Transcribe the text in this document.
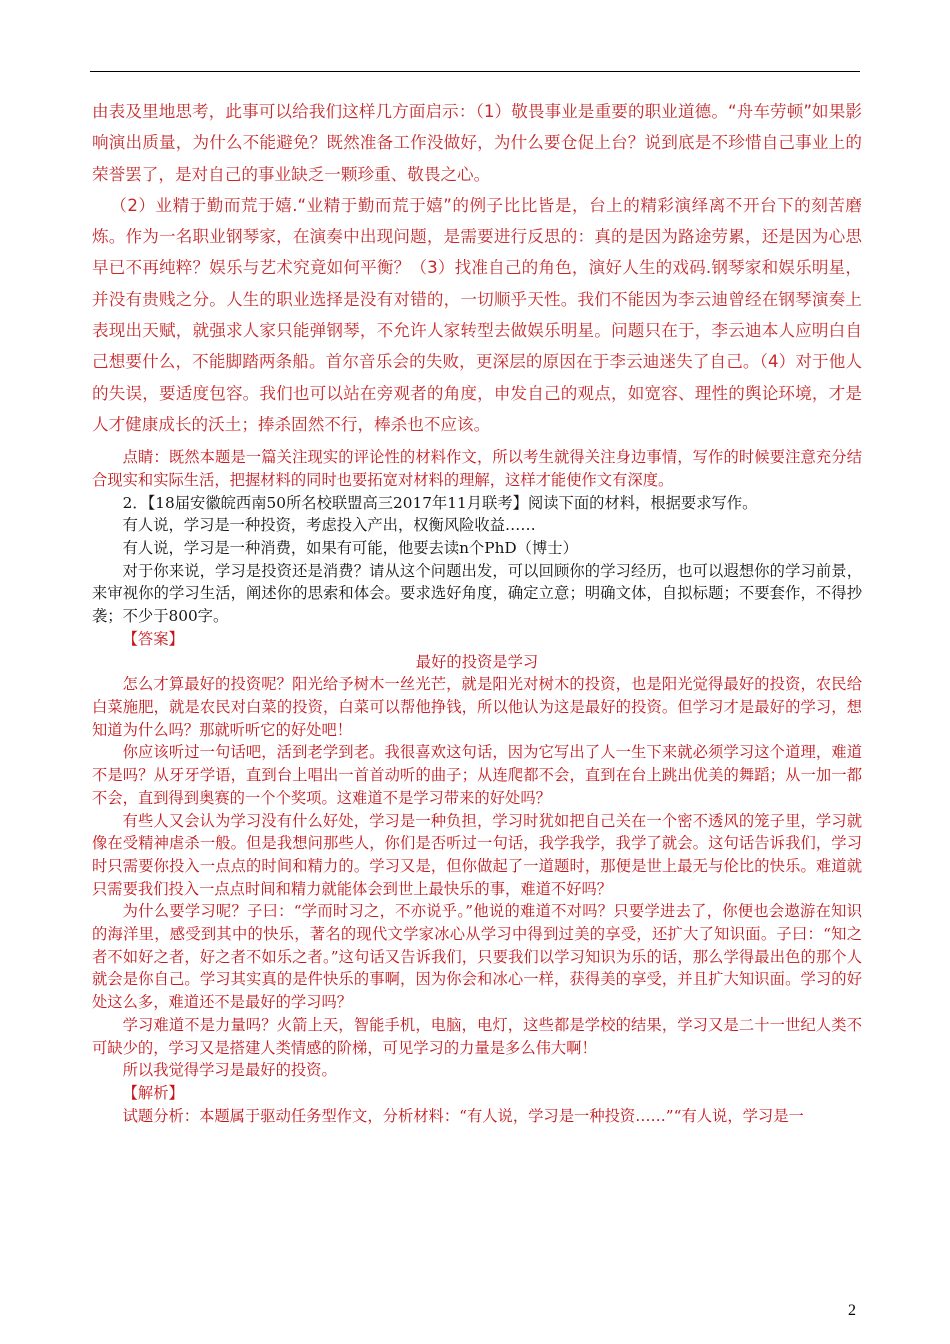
由表及里地思考，此事可以给我们这样几方面启示：（1）敬畏事业是重要的职业道德。“舟车劳顿”如果影响演出质量，为什么不能避免？既然准备工作没做好，为什么要仓促上台？说到底是不珍惜自己事业上的荣誉罢了，是对自己的事业缺乏一颗珍重、敬畏之心。

（2）业精于勤而荒于嬉.“业精于勤而荒于嬉”的例子比比皆是，台上的精彩演绎离不开台下的刻苦磨炼。作为一名职业钢琴家，在演奏中出现问题，是需要进行反思的：真的是因为路途劳累，还是因为心思早已不再纯粹？娱乐与艺术究竟如何平衡？（3）找准自己的角色，演好人生的戏码.钢琴家和娱乐明星，并没有贵贱之分。人生的职业选择是没有对错的，一切顺乎天性。我们不能因为李云迪曾经在钢琴演奏上表现出天赋，就强求人家只能弹钢琴，不允许人家转型去做娱乐明星。问题只在于，李云迪本人应明白自己想要什么，不能脚踏两条船。首尔音乐会的失败，更深层的原因在于李云迪迷失了自己。（4）对于他人的失误，要适度包容。我们也可以站在旁观者的角度，申发自己的观点，如宽容、理性的舆论环境，才是人才健康成长的沃土；捧杀固然不行，棒杀也不应该。

点睛：既然本题是一篇关注现实的评论性的材料作文，所以考生就得关注身边事情，写作的时候要注意充分结合现实和实际生活，把握材料的同时也要拓宽对材料的理解，这样才能使作文有深度。

2．【18届安徽皖西南50所名校联盟高三2017年11月联考】阅读下面的材料，根据要求写作。

有人说，学习是一种投资，考虑投入产出，权衡风险收益……

有人说，学习是一种消费，如果有可能，他要去读n个PhD（博士）

对于你来说，学习是投资还是消费？请从这个问题出发，可以回顾你的学习经历，也可以遐想你的学习前景，来审视你的学习生活，阐述你的思索和体会。要求选好角度，确定立意；明确文体，自拟标题；不要套作，不得抄袭；不少于800字。

【答案】

最好的投资是学习

怎么才算最好的投资呢？阳光给予树木一丝光芒，就是阳光对树木的投资，也是阳光觉得最好的投资，农民给白菜施肥，就是农民对白菜的投资，白菜可以帮他挣钱，所以他认为这是最好的投资。但学习才是最好的学习，想知道为什么吗？那就听听它的好处吧！

你应该听过一句话吧，活到老学到老。我很喜欢这句话，因为它写出了人一生下来就必须学习这个道理，难道不是吗？从牙牙学语，直到台上唱出一首首动听的曲子；从连爬都不会，直到在台上跳出优美的舞蹈；从一加一都不会，直到得到奥赛的一个个奖项。这难道不是学习带来的好处吗？

有些人又会认为学习没有什么好处，学习是一种负担，学习时犹如把自己关在一个密不透风的笼子里，学习就像在受精神虐杀一般。但是我想问那些人，你们是否听过一句话，我学我学，我学了就会。这句话告诉我们，学习时只需要你投入一点点的时间和精力的。学习又是，但你做起了一道题时，那便是世上最无与伦比的快乐。难道就只需要我们投入一点点时间和精力就能体会到世上最快乐的事，难道不好吗？

为什么要学习呢？子曰：“学而时习之，不亦说乎。”他说的难道不对吗？只要学进去了，你便也会遨游在知识的海洋里，感受到其中的快乐，著名的现代文学家冰心从学习中得到过美的享受，还扩大了知识面。子曰：“知之者不如好之者，好之者不如乐之者。”这句话又告诉我们，只要我们以学习知识为乐的话，那么学得最出色的那个人就会是你自己。学习其实真的是件快乐的事啊，因为你会和冰心一样，获得美的享受，并且扩大知识面。学习的好处这么多，难道还不是最好的学习吗？

学习难道不是力量吗？火箭上天，智能手机，电脑，电灯，这些都是学校的结果，学习又是二十一世纪人类不可缺少的，学习又是搭建人类情感的阶梯，可见学习的力量是多么伟大啊！

所以我觉得学习是最好的投资。

【解析】

试题分析：本题属于驱动任务型作文，分析材料：“有人说，学习是一种投资……”“有人说，学习是一

2
